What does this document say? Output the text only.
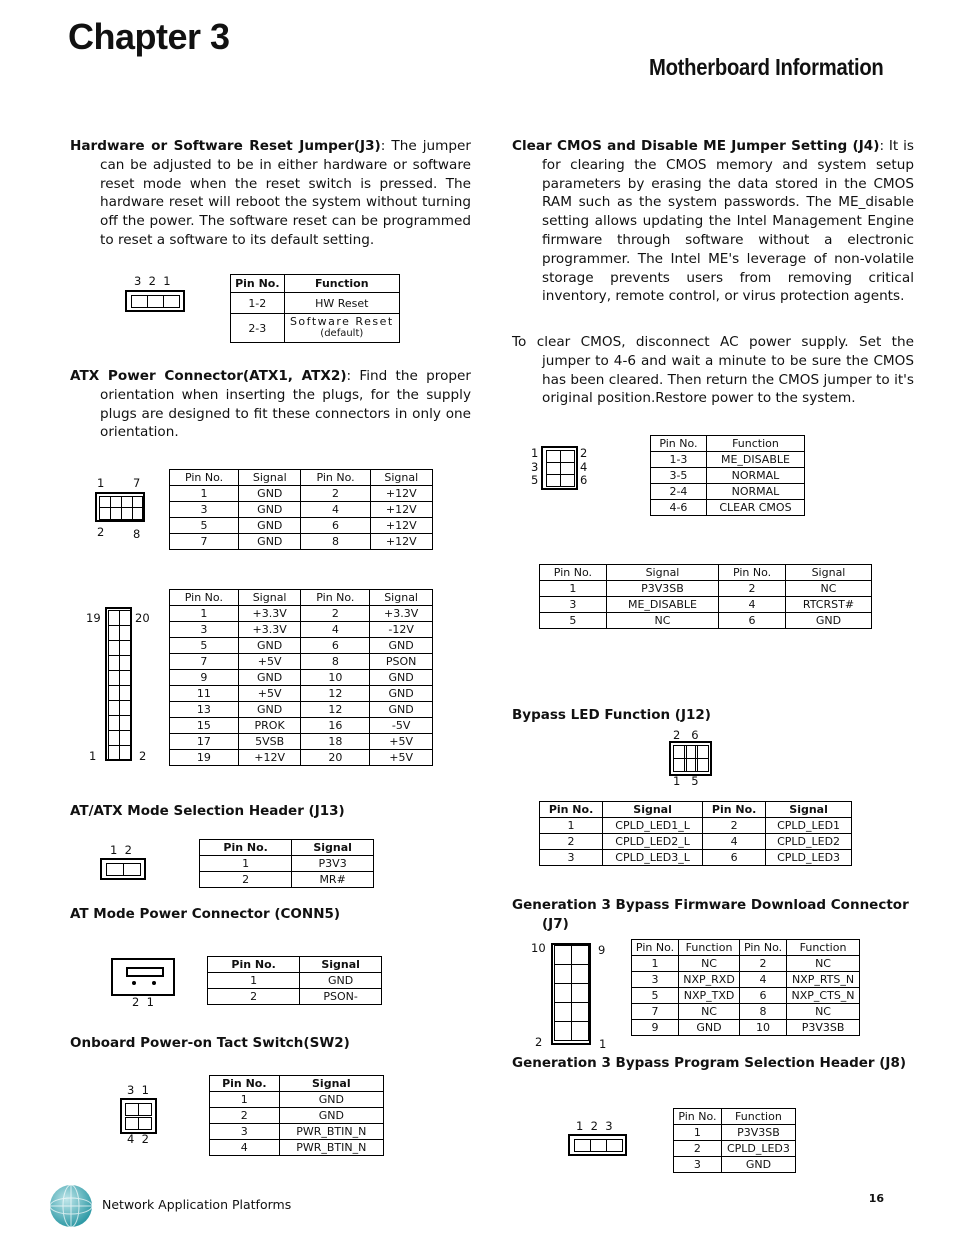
Chapter 3
Motherboard Information
Hardware or Software Reset Jumper(J3): The jumper can be adjusted to be in either hardware or software reset mode when the reset switch is pressed. The hardware reset will reboot the system without turning off the power. The software reset can be programmed to reset a software to its default setting.
3  2  1	Pin No.	Function
1-2	HW Reset
2-3	Software Reset
(default)
ATX Power Connector(ATX1, ATX2): Find the proper orientation when inserting the plugs, for the supply plugs are designed to fit these connectors in only one orientation.
1 7
2 8
Pin No.	Signal	Pin No.	Signal
1	GND	2	+12V
3	GND	4	+12V
5	GND	6	+12V
7	GND	8	+12V
19	20
1	2
Pin No.	Signal	Pin No.	Signal
1	+3.3V	2	+3.3V
3	+3.3V	4	-12V
5	GND	6	GND
7	+5V	8	PSON
9	GND	10	GND
11	+5V	12	GND
13	GND	12	GND
15	PROK	16	-5V
17	5VSB	18	+5V
19	+12V	20	+5V
AT/ATX Mode Selection Header (J13)
1  2	Pin No.	Signal
1	P3V3
2	MR#
AT Mode Power Connector (CONN5)
2  1
Pin No.	Signal
1	GND
2	PSON-
Onboard Power-on Tact Switch(SW2)
3  1
4  2
Pin No.	Signal
1	GND
2	GND
3	PWR_BTIN_N
4	PWR_BTIN_N
Clear CMOS and Disable ME Jumper Setting (J4): It is for clearing the CMOS memory and system setup parameters by erasing the data stored in the CMOS RAM such as the system passwords. The ME_disable setting allows updating the Intel Management Engine firmware through software without a electronic programmer. The Intel ME's leverage of non-volatile storage prevents users from removing critical inventory, remote control, or virus protection agents.
To clear CMOS, disconnect AC power supply. Set the jumper to 4-6 and wait a minute to be sure the CMOS has been cleared. Then return the CMOS jumper to it's original position.Restore power to the system.
1
3
5
2
4
6
Pin No.	Function
1-3	ME_DISABLE
3-5	NORMAL
2-4	NORMAL
4-6	CLEAR CMOS
Pin No.	Signal	Pin No.	Signal
1	P3V3SB	2	NC
3	ME_DISABLE	4	RTCRST#
5	NC	6	GND
Bypass LED Function (J12)
2   6
1   5
Pin No.	Signal	Pin No.	Signal
1	CPLD_LED1_L	2	CPLD_LED1
2	CPLD_LED2_L	4	CPLD_LED2
3	CPLD_LED3_L	6	CPLD_LED3
Generation 3 Bypass Firmware Download Connector (J7)
10	9
2	1
Pin No.	Function	Pin No.	Function
1	NC	2	NC
3	NXP_RXD	4	NXP_RTS_N
5	NXP_TXD	6	NXP_CTS_N
7	NC	8	NC
9	GND	10	P3V3SB
Generation 3 Bypass Program Selection Header (J8)
1  2  3
Pin No.	Function
1	P3V3SB
2	CPLD_LED3
3	GND
Network Application Platforms	16
